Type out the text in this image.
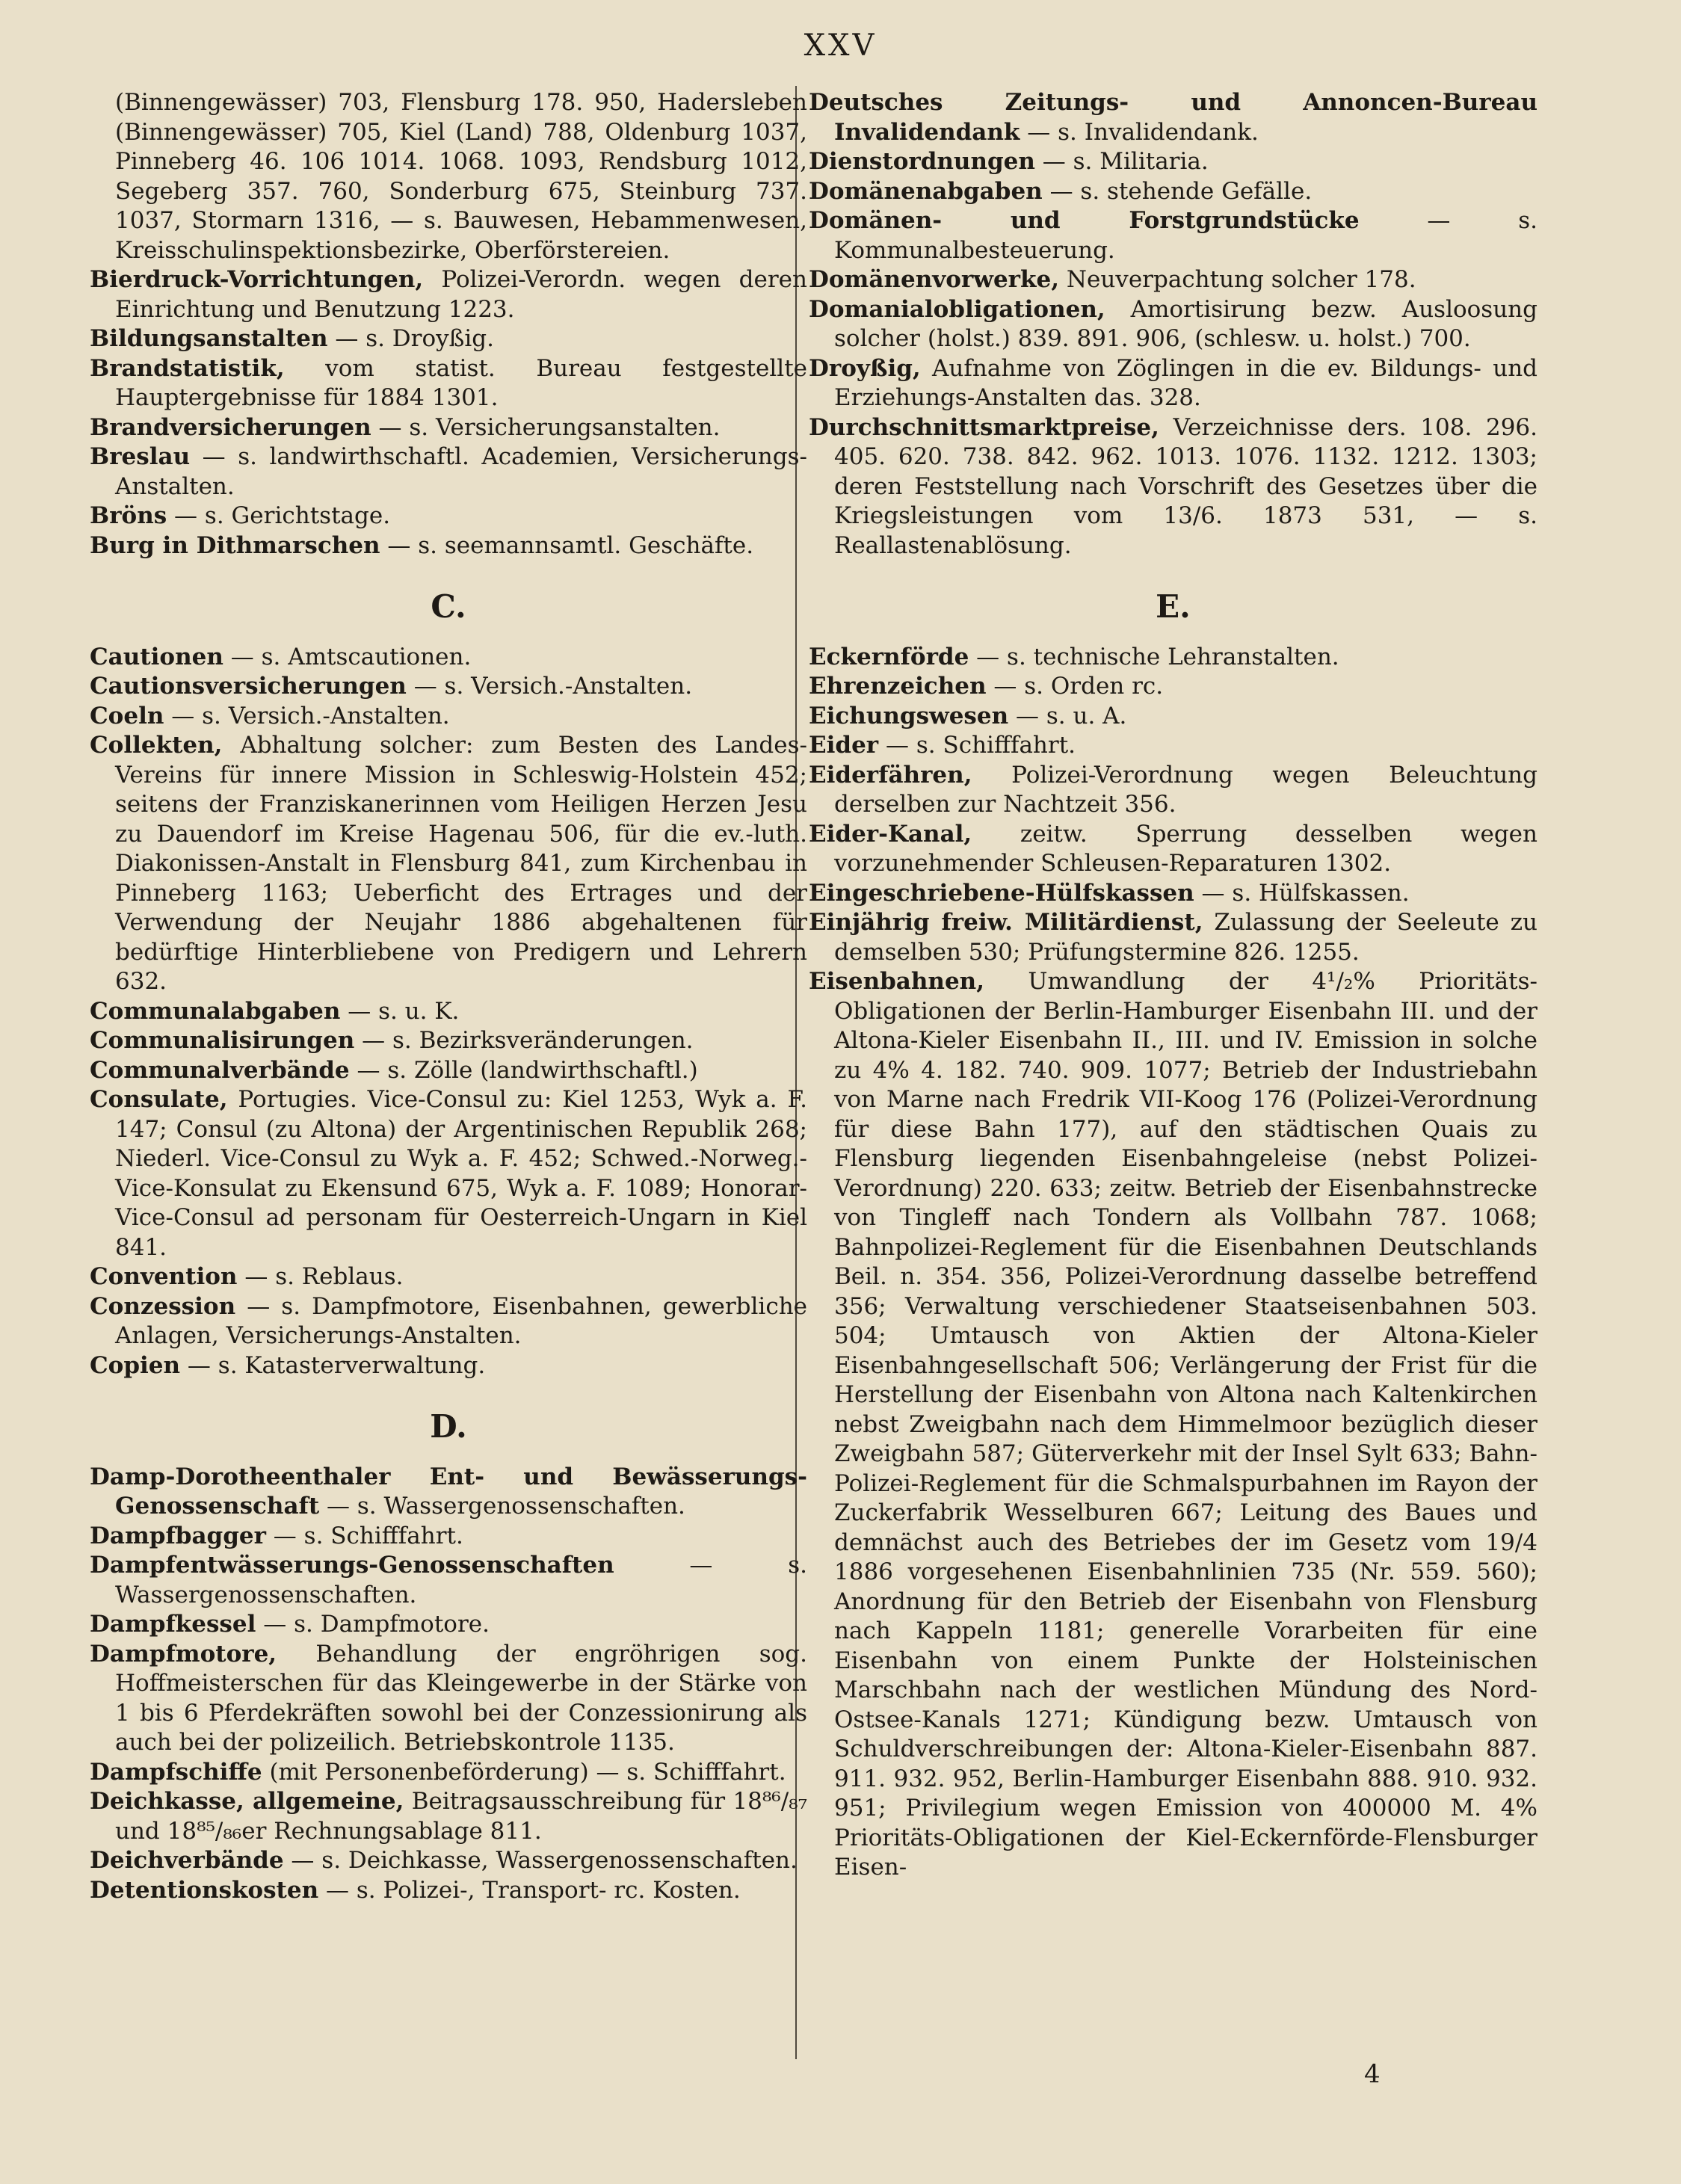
XXV

(Binnengewässer) 703, Flensburg 178. 950, Hadersleben (Binnengewässer) 705, Kiel (Land) 788, Oldenburg 1037, Pinneberg 46. 106 1014. 1068. 1093, Rendsburg 1012, Segeberg 357. 760, Sonderburg 675, Steinburg 737. 1037, Stormarn 1316, — s. Bauwesen, Hebammenwesen, Kreisschulinspektionsbezirke, Oberförstereien.

Bierdruck-Vorrichtungen, Polizei-Verordn. wegen deren Einrichtung und Benutzung 1223.

Bildungsanstalten — s. Droyßig.

Brandstatistik, vom statist. Bureau festgestellte Hauptergebnisse für 1884 1301.

Brandversicherungen — s. Versicherungsanstalten.

Breslau — s. landwirthschaftl. Academien, Versicherungs-Anstalten.

Bröns — s. Gerichtstage.

Burg in Dithmarschen — s. seemannsamtl. Geschäfte.

C.

Cautionen — s. Amtscautionen.

Cautionsversicherungen — s. Versich.-Anstalten.

Coeln — s. Versich.-Anstalten.

Collekten, Abhaltung solcher: zum Besten des Landes-Vereins für innere Mission in Schleswig-Holstein 452; seitens der Franziskanerinnen vom Heiligen Herzen Jesu zu Dauendorf im Kreise Hagenau 506, für die ev.-luth. Diakonissen-Anstalt in Flensburg 841, zum Kirchenbau in Pinneberg 1163; Ueberficht des Ertrages und der Verwendung der Neujahr 1886 abgehaltenen für bedürftige Hinterbliebene von Predigern und Lehrern 632.

Communalabgaben — s. u. K.

Communalisirungen — s. Bezirksveränderungen.

Communalverbände — s. Zölle (landwirthschaftl.)

Consulate, Portugies. Vice-Consul zu: Kiel 1253, Wyk a. F. 147; Consul (zu Altona) der Argentinischen Republik 268; Niederl. Vice-Consul zu Wyk a. F. 452; Schwed.-Norweg.-Vice-Konsulat zu Ekensund 675, Wyk a. F. 1089; Honorar-Vice-Consul ad personam für Oesterreich-Ungarn in Kiel 841.

Convention — s. Reblaus.

Conzession — s. Dampfmotore, Eisenbahnen, gewerbliche Anlagen, Versicherungs-Anstalten.

Copien — s. Katasterverwaltung.

D.

Damp-Dorotheenthaler Ent- und Bewässerungs-Genossenschaft — s. Wassergenossenschaften.

Dampfbagger — s. Schifffahrt.

Dampfentwässerungs-Genossenschaften — s. Wassergenossenschaften.

Dampfkessel — s. Dampfmotore.

Dampfmotore, Behandlung der engröhrigen sog. Hoffmeisterschen für das Kleingewerbe in der Stärke von 1 bis 6 Pferdekräften sowohl bei der Conzessionirung als auch bei der polizeilich. Betriebskontrole 1135.

Dampfschiffe (mit Personenbeförderung) — s. Schifffahrt.

Deichkasse, allgemeine, Beitragsausschreibung für 18⁸⁶/₈₇ und 18⁸⁵/₈₆er Rechnungsablage 811.

Deichverbände — s. Deichkasse, Wassergenossenschaften.

Detentionskosten — s. Polizei-, Transport- rc. Kosten.

Deutsches Zeitungs- und Annoncen-Bureau Invalidendank — s. Invalidendank.

Dienstordnungen — s. Militaria.

Domänenabgaben — s. stehende Gefälle.

Domänen- und Forstgrundstücke — s. Kommunalbesteuerung.

Domänenvorwerke, Neuverpachtung solcher 178.

Domanialobligationen, Amortisirung bezw. Ausloosung solcher (holst.) 839. 891. 906, (schlesw. u. holst.) 700.

Droyßig, Aufnahme von Zöglingen in die ev. Bildungs- und Erziehungs-Anstalten das. 328.

Durchschnittsmarktpreise, Verzeichnisse ders. 108. 296. 405. 620. 738. 842. 962. 1013. 1076. 1132. 1212. 1303; deren Feststellung nach Vorschrift des Gesetzes über die Kriegsleistungen vom 13/6. 1873 531, — s. Reallastenablösung.

E.

Eckernförde — s. technische Lehranstalten.

Ehrenzeichen — s. Orden rc.

Eichungswesen — s. u. A.

Eider — s. Schifffahrt.

Eiderfähren, Polizei-Verordnung wegen Beleuchtung derselben zur Nachtzeit 356.

Eider-Kanal, zeitw. Sperrung desselben wegen vorzunehmender Schleusen-Reparaturen 1302.

Eingeschriebene-Hülfskassen — s. Hülfskassen.

Einjährig freiw. Militärdienst, Zulassung der Seeleute zu demselben 530; Prüfungstermine 826. 1255.

Eisenbahnen, Umwandlung der 4¹/₂% Prioritäts-Obligationen der Berlin-Hamburger Eisenbahn III. und der Altona-Kieler Eisenbahn II., III. und IV. Emission in solche zu 4% 4. 182. 740. 909. 1077; Betrieb der Industriebahn von Marne nach Fredrik VII-Koog 176 (Polizei-Verordnung für diese Bahn 177), auf den städtischen Quais zu Flensburg liegenden Eisenbahngeleise (nebst Polizei-Verordnung) 220. 633; zeitw. Betrieb der Eisenbahnstrecke von Tingleff nach Tondern als Vollbahn 787. 1068; Bahnpolizei-Reglement für die Eisenbahnen Deutschlands Beil. n. 354. 356, Polizei-Verordnung dasselbe betreffend 356; Verwaltung verschiedener Staatseisenbahnen 503. 504; Umtausch von Aktien der Altona-Kieler Eisenbahngesellschaft 506; Verlängerung der Frist für die Herstellung der Eisenbahn von Altona nach Kaltenkirchen nebst Zweigbahn nach dem Himmelmoor bezüglich dieser Zweigbahn 587; Güterverkehr mit der Insel Sylt 633; Bahn-Polizei-Reglement für die Schmalspurbahnen im Rayon der Zuckerfabrik Wesselburen 667; Leitung des Baues und demnächst auch des Betriebes der im Gesetz vom 19/4 1886 vorgesehenen Eisenbahnlinien 735 (Nr. 559. 560); Anordnung für den Betrieb der Eisenbahn von Flensburg nach Kappeln 1181; generelle Vorarbeiten für eine Eisenbahn von einem Punkte der Holsteinischen Marschbahn nach der westlichen Mündung des Nord-Ostsee-Kanals 1271; Kündigung bezw. Umtausch von Schuldverschreibungen der: Altona-Kieler-Eisenbahn 887. 911. 932. 952, Berlin-Hamburger Eisenbahn 888. 910. 932. 951; Privilegium wegen Emission von 400000 M. 4% Prioritäts-Obligationen der Kiel-Eckernförde-Flensburger Eisen-

4
